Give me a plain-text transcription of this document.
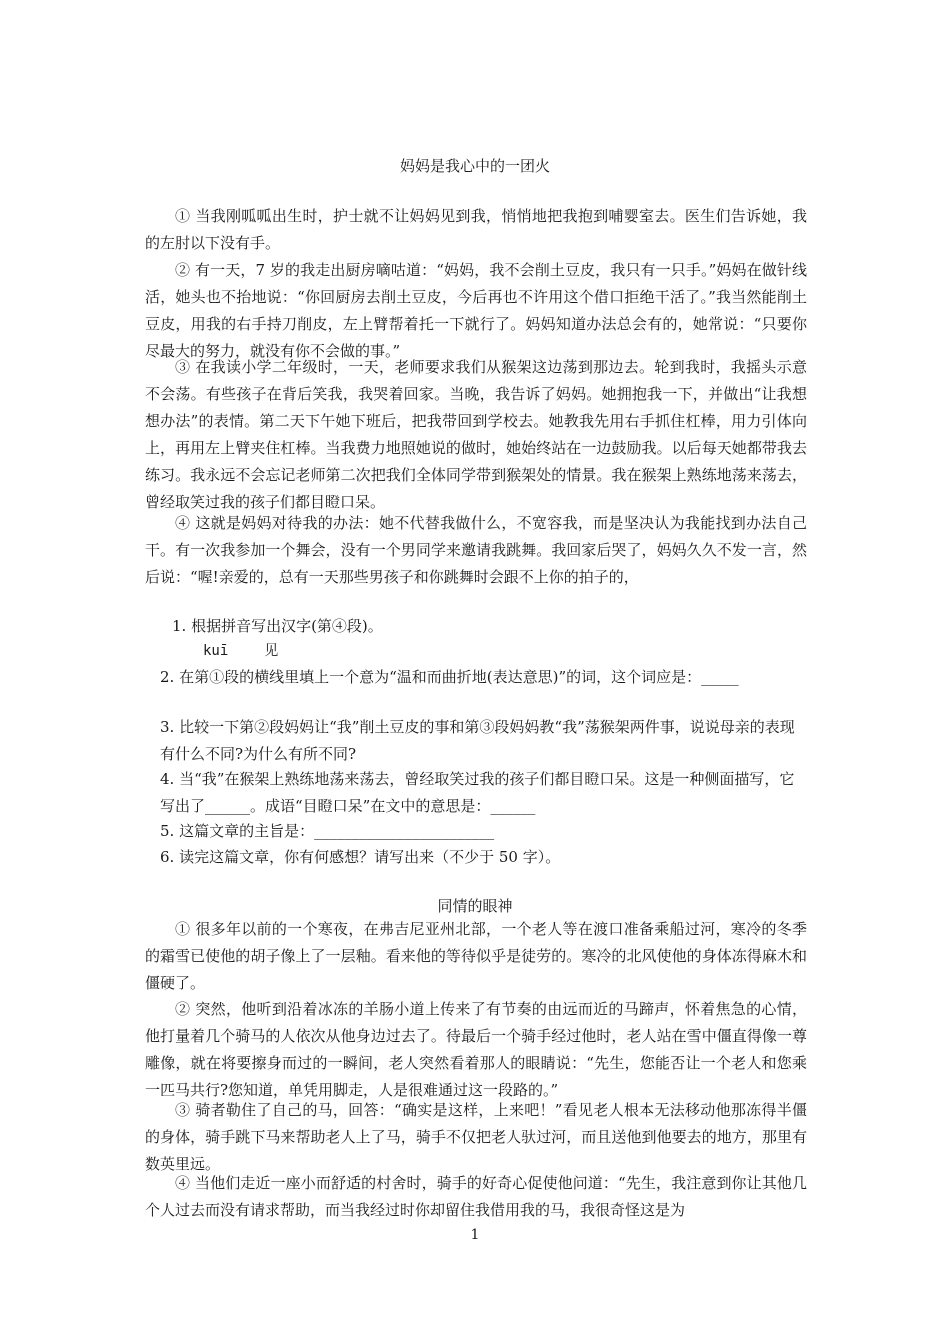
妈妈是我心中的一团火
① 当我刚呱呱出生时，护士就不让妈妈见到我，悄悄地把我抱到哺婴室去。医生们告诉她，我的左肘以下没有手。
② 有一天，7 岁的我走出厨房嘀咕道：“妈妈，我不会削土豆皮，我只有一只手。”妈妈在做针线活，她头也不抬地说：“你回厨房去削土豆皮，今后再也不许用这个借口拒绝干活了。”我当然能削土豆皮，用我的右手持刀削皮，左上臂帮着托一下就行了。妈妈知道办法总会有的，她常说：“只要你尽最大的努力，就没有你不会做的事。”
③ 在我读小学二年级时，一天，老师要求我们从猴架这边荡到那边去。轮到我时，我摇头示意不会荡。有些孩子在背后笑我，我哭着回家。当晚，我告诉了妈妈。她拥抱我一下，并做出“让我想想办法”的表情。第二天下午她下班后，把我带回到学校去。她教我先用右手抓住杠棒，用力引体向上，再用左上臂夹住杠棒。当我费力地照她说的做时，她始终站在一边鼓励我。以后每天她都带我去练习。我永远不会忘记老师第二次把我们全体同学带到猴架处的情景。我在猴架上熟练地荡来荡去，曾经取笑过我的孩子们都目瞪口呆。
④ 这就是妈妈对待我的办法：她不代替我做什么，不宽容我，而是坚决认为我能找到办法自己干。有一次我参加一个舞会，没有一个男同学来邀请我跳舞。我回家后哭了，妈妈久久不发一言，然后说：“喔!亲爱的，总有一天那些男孩子和你跳舞时会跟不上你的拍子的，
1. 根据拼音写出汉字(第④段)。
kuī	见
2. 在第①段的横线里填上一个意为“温和而曲折地(表达意思)”的词，这个词应是：_____
3. 比较一下第②段妈妈让“我”削土豆皮的事和第③段妈妈教“我”荡猴架两件事，说说母亲的表现有什么不同?为什么有所不同?
4. 当“我”在猴架上熟练地荡来荡去，曾经取笑过我的孩子们都目瞪口呆。这是一种侧面描写，它写出了______。成语“目瞪口呆”在文中的意思是：______
5. 这篇文章的主旨是：________________________
6. 读完这篇文章，你有何感想？请写出来（不少于 50 字）。
同情的眼神
① 很多年以前的一个寒夜，在弗吉尼亚州北部，一个老人等在渡口准备乘船过河，寒冷的冬季的霜雪已使他的胡子像上了一层釉。看来他的等待似乎是徒劳的。寒冷的北风使他的身体冻得麻木和僵硬了。
② 突然，他听到沿着冰冻的羊肠小道上传来了有节奏的由远而近的马蹄声，怀着焦急的心情，他打量着几个骑马的人依次从他身边过去了。待最后一个骑手经过他时，老人站在雪中僵直得像一尊雕像，就在将要擦身而过的一瞬间，老人突然看着那人的眼睛说：“先生，您能否让一个老人和您乘一匹马共行?您知道，单凭用脚走，人是很难通过这一段路的。”
③ 骑者勒住了自己的马，回答：“确实是这样，上来吧！”看见老人根本无法移动他那冻得半僵的身体，骑手跳下马来帮助老人上了马，骑手不仅把老人驮过河，而且送他到他要去的地方，那里有数英里远。
④ 当他们走近一座小而舒适的村舍时，骑手的好奇心促使他问道：“先生，我注意到你让其他几个人过去而没有请求帮助，而当我经过时你却留住我借用我的马，我很奇怪这是为
1
